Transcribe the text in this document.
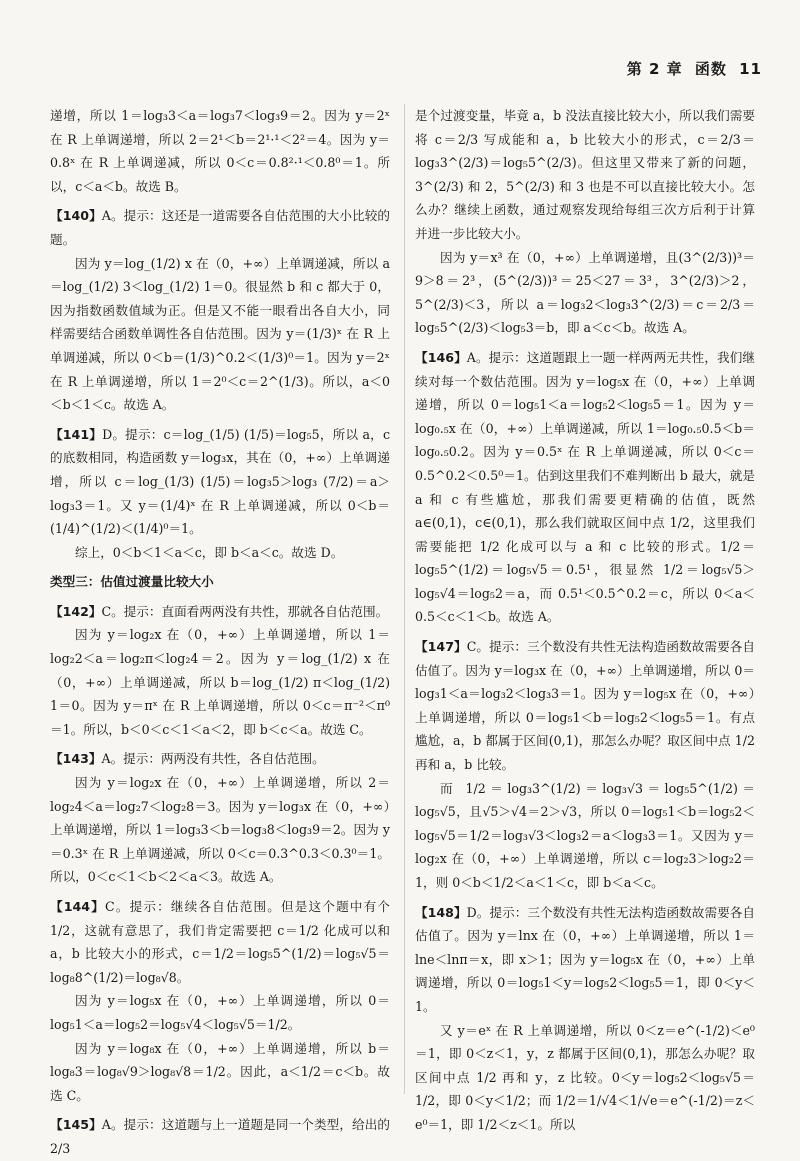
第 2 章 函数 11

递增，所以 1＝log₃3＜a＝log₃7＜log₃9＝2。因为 y＝2ˣ 在 R 上单调递增，所以 2＝2¹＜b＝2¹·¹＜2²＝4。因为 y＝0.8ˣ 在 R 上单调递减，所以 0＜c＝0.8²·¹＜0.8⁰＝1。所以，c＜a＜b。故选 B。

【140】A。提示：这还是一道需要各自估范围的大小比较的题。

因为 y＝log_(1/2) x 在（0，+∞）上单调递减，所以 a＝log_(1/2) 3＜log_(1/2) 1＝0。很显然 b 和 c 都大于 0，因为指数函数值域为正。但是又不能一眼看出各自大小，同样需要结合函数单调性各自估范围。因为 y＝(1/3)ˣ 在 R 上单调递减，所以 0＜b＝(1/3)^0.2＜(1/3)⁰＝1。因为 y＝2ˣ 在 R 上单调递增，所以 1＝2⁰＜c＝2^(1/3)。所以，a＜0＜b＜1＜c。故选 A。

【141】D。提示：c＝log_(1/5) (1/5)＝log₅5，所以 a，c 的底数相同，构造函数 y＝log₃x，其在（0，+∞）上单调递增，所以 c＝log_(1/3) (1/5)＝log₃5＞log₃ (7/2)＝a＞log₃3＝1。又 y＝(1/4)ˣ 在 R 上单调递减，所以 0＜b＝(1/4)^(1/2)＜(1/4)⁰＝1。

综上，0＜b＜1＜a＜c，即 b＜a＜c。故选 D。

类型三：估值过渡量比较大小

【142】C。提示：直面看两两没有共性，那就各自估范围。

因为 y＝log₂x 在（0，+∞）上单调递增，所以 1＝log₂2＜a＝log₂π＜log₂4＝2。因为 y＝log_(1/2) x 在（0，+∞）上单调递减，所以 b＝log_(1/2) π＜log_(1/2) 1＝0。因为 y＝πˣ 在 R 上单调递增，所以 0＜c＝π⁻²＜π⁰＝1。所以，b＜0＜c＜1＜a＜2，即 b＜c＜a。故选 C。

【143】A。提示：两两没有共性，各自估范围。

因为 y＝log₂x 在（0，+∞）上单调递增，所以 2＝log₂4＜a＝log₂7＜log₂8＝3。因为 y＝log₃x 在（0，+∞）上单调递增，所以 1＝log₃3＜b＝log₃8＜log₃9＝2。因为 y＝0.3ˣ 在 R 上单调递减，所以 0＜c＝0.3^0.3＜0.3⁰＝1。所以，0＜c＜1＜b＜2＜a＜3。故选 A。

【144】C。提示：继续各自估范围。但是这个题中有个 1/2，这就有意思了，我们肯定需要把 c＝1/2 化成可以和 a，b 比较大小的形式，c＝1/2＝log₅5^(1/2)＝log₅√5＝log₈8^(1/2)＝log₈√8。

因为 y＝log₅x 在（0，+∞）上单调递增，所以 0＝log₅1＜a＝log₅2＝log₅√4＜log₅√5＝1/2。

因为 y＝log₈x 在（0，+∞）上单调递增，所以 b＝log₈3＝log₈√9＞log₈√8＝1/2。因此，a＜1/2＝c＜b。故选 C。

【145】A。提示：这道题与上一道题是同一个类型，给出的 2/3

是个过渡变量，毕竟 a，b 没法直接比较大小，所以我们需要将 c＝2/3 写成能和 a，b 比较大小的形式，c＝2/3＝log₃3^(2/3)＝log₅5^(2/3)。但这里又带来了新的问题，3^(2/3) 和 2，5^(2/3) 和 3 也是不可以直接比较大小。怎么办？继续上函数，通过观察发现给每组三次方后利于计算并进一步比较大小。

因为 y＝x³ 在（0，+∞）上单调递增，且(3^(2/3))³＝9＞8＝2³，(5^(2/3))³＝25＜27＝3³，3^(2/3)＞2，5^(2/3)＜3，所以 a＝log₃2＜log₃3^(2/3)＝c＝2/3＝log₅5^(2/3)＜log₅3＝b，即 a＜c＜b。故选 A。

【146】A。提示：这道题跟上一题一样两两无共性，我们继续对每一个数估范围。因为 y＝log₅x 在（0，+∞）上单调递增，所以 0＝log₅1＜a＝log₅2＜log₅5＝1。因为 y＝log₀.₅x 在（0，+∞）上单调递减，所以 1＝log₀.₅0.5＜b＝log₀.₅0.2。因为 y＝0.5ˣ 在 R 上单调递减，所以 0＜c＝0.5^0.2＜0.5⁰＝1。估到这里我们不难判断出 b 最大，就是 a 和 c 有些尴尬，那我们需要更精确的估值，既然 a∈(0,1)，c∈(0,1)，那么我们就取区间中点 1/2，这里我们需要能把 1/2 化成可以与 a 和 c 比较的形式。1/2＝log₅5^(1/2)＝log₅√5＝0.5¹，很显然 1/2＝log₅√5＞log₅√4＝log₅2＝a，而 0.5¹＜0.5^0.2＝c，所以 0＜a＜0.5＜c＜1＜b。故选 A。

【147】C。提示：三个数没有共性无法构造函数故需要各自估值了。因为 y＝log₃x 在（0，+∞）上单调递增，所以 0＝log₃1＜a＝log₃2＜log₃3＝1。因为 y＝log₅x 在（0，+∞）上单调递增，所以 0＝log₅1＜b＝log₅2＜log₅5＝1。有点尴尬，a，b 都属于区间(0,1)，那怎么办呢？取区间中点 1/2 再和 a，b 比较。

而 1/2＝log₃3^(1/2)＝log₃√3＝log₅5^(1/2)＝log₅√5，且√5＞√4＝2＞√3，所以 0＝log₅1＜b＝log₅2＜log₅√5＝1/2＝log₃√3＜log₃2＝a＜log₃3＝1。又因为 y＝log₂x 在（0，+∞）上单调递增，所以 c＝log₂3＞log₂2＝1，则 0＜b＜1/2＜a＜1＜c，即 b＜a＜c。

【148】D。提示：三个数没有共性无法构造函数故需要各自估值了。因为 y＝lnx 在（0，+∞）上单调递增，所以 1＝lne＜lnπ＝x，即 x＞1；因为 y＝log₅x 在（0，+∞）上单调递增，所以 0＝log₅1＜y＝log₅2＜log₅5＝1，即 0＜y＜1。

又 y＝eˣ 在 R 上单调递增，所以 0＜z＝e^(-1/2)＜e⁰＝1，即 0＜z＜1，y，z 都属于区间(0,1)，那怎么办呢？取区间中点 1/2 再和 y，z 比较。0＜y＝log₅2＜log₅√5＝1/2，即 0＜y＜1/2；而 1/2＝1/√4＜1/√e＝e^(-1/2)＝z＜e⁰＝1，即 1/2＜z＜1。所以
